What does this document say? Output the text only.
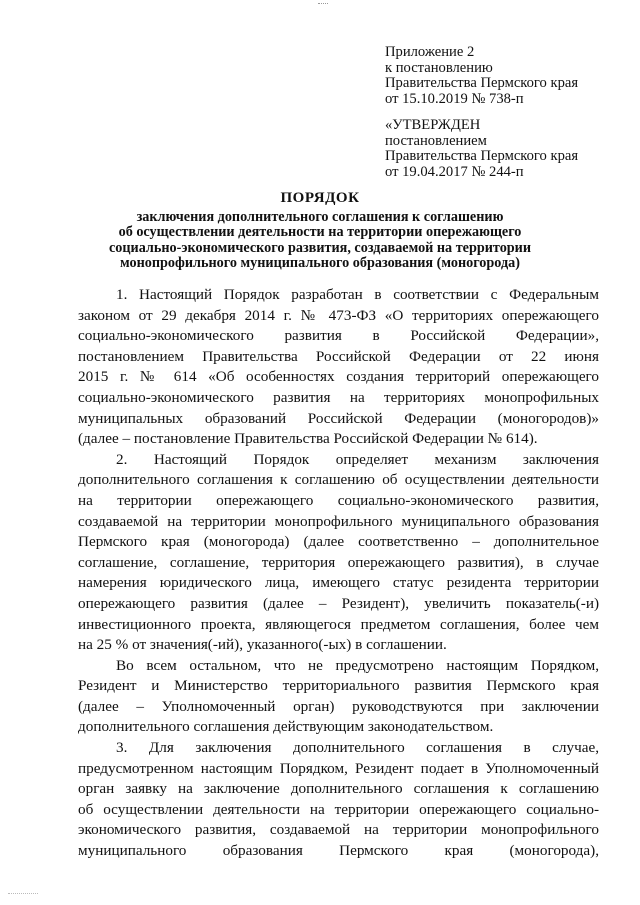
Приложение 2
к постановлению
Правительства Пермского края
от 15.10.2019 № 738-п
«УТВЕРЖДЕН
постановлением
Правительства Пермского края
от 19.04.2017 № 244-п
ПОРЯДОК
заключения дополнительного соглашения к соглашению
об осуществлении деятельности на территории опережающего
социально-экономического развития, создаваемой на территории
монопрофильного муниципального образования (моногорода)
1. Настоящий Порядок разработан в соответствии с Федеральным
законом от 29 декабря 2014 г. № 473-ФЗ «О территориях опережающего
социально-экономического развития в Российской Федерации»,
постановлением Правительства Российской Федерации от 22 июня
2015 г. № 614 «Об особенностях создания территорий опережающего
социально-экономического развития на территориях монопрофильных
муниципальных образований Российской Федерации (моногородов)»
(далее – постановление Правительства Российской Федерации № 614).
2. Настоящий Порядок определяет механизм заключения
дополнительного соглашения к соглашению об осуществлении деятельности
на территории опережающего социально-экономического развития,
создаваемой на территории монопрофильного муниципального образования
Пермского края (моногорода) (далее соответственно – дополнительное
соглашение, соглашение, территория опережающего развития), в случае
намерения юридического лица, имеющего статус резидента территории
опережающего развития (далее – Резидент), увеличить показатель(-и)
инвестиционного проекта, являющегося предметом соглашения, более чем
на 25 % от значения(-ий), указанного(-ых) в соглашении.
Во всем остальном, что не предусмотрено настоящим Порядком,
Резидент и Министерство территориального развития Пермского края
(далее – Уполномоченный орган) руководствуются при заключении
дополнительного соглашения действующим законодательством.
3. Для заключения дополнительного соглашения в случае,
предусмотренном настоящим Порядком, Резидент подает в Уполномоченный
орган заявку на заключение дополнительного соглашения к соглашению
об осуществлении деятельности на территории опережающего социально-
экономического развития, создаваемой на территории монопрофильного
муниципального образования Пермского края (моногорода),
